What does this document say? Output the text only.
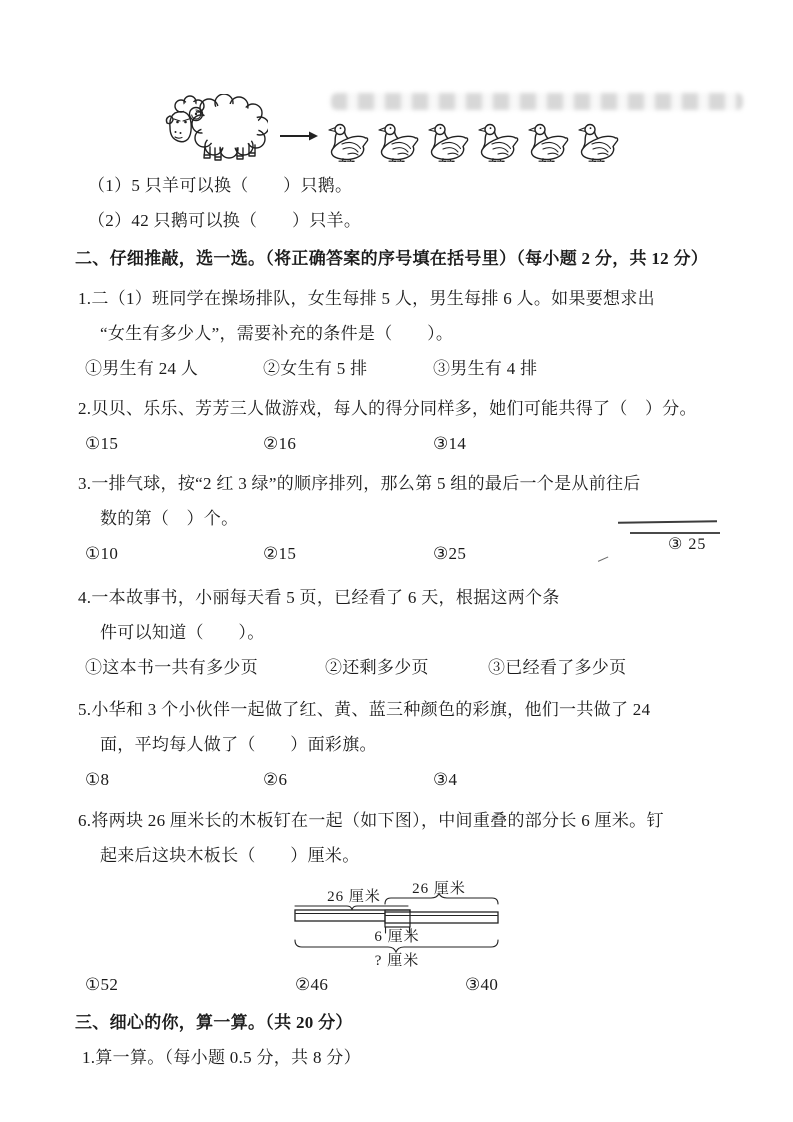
（1）5 只羊可以换（　　）只鹅。
（2）42 只鹅可以换（　　）只羊。
二、仔细推敲，选一选。（将正确答案的序号填在括号里）（每小题 2 分，共 12 分）
1.二（1）班同学在操场排队，女生每排 5 人，男生每排 6 人。如果要想求出
“女生有多少人”，需要补充的条件是（　　）。
①男生有 24 人	②女生有 5 排	③男生有 4 排
2.贝贝、乐乐、芳芳三人做游戏，每人的得分同样多，她们可能共得了（　）分。
①15	②16	③14
3.一排气球，按“2 红 3 绿”的顺序排列，那么第 5 组的最后一个是从前往后
数的第（　）个。
①10	②15	③25
4.一本故事书，小丽每天看 5 页，已经看了 6 天，根据这两个条
件可以知道（　　）。
①这本书一共有多少页	②还剩多少页	③已经看了多少页
5.小华和 3 个小伙伴一起做了红、黄、蓝三种颜色的彩旗，他们一共做了 24
面，平均每人做了（　　）面彩旗。
①8	②6	③4
6.将两块 26 厘米长的木板钉在一起（如下图），中间重叠的部分长 6 厘米。钉
起来后这块木板长（　　）厘米。
26 厘米 26 厘米
6 厘米
? 厘米
①52	②46	③40
三、细心的你，算一算。（共 20 分）
1.算一算。（每小题 0.5 分，共 8 分）
③ 25
